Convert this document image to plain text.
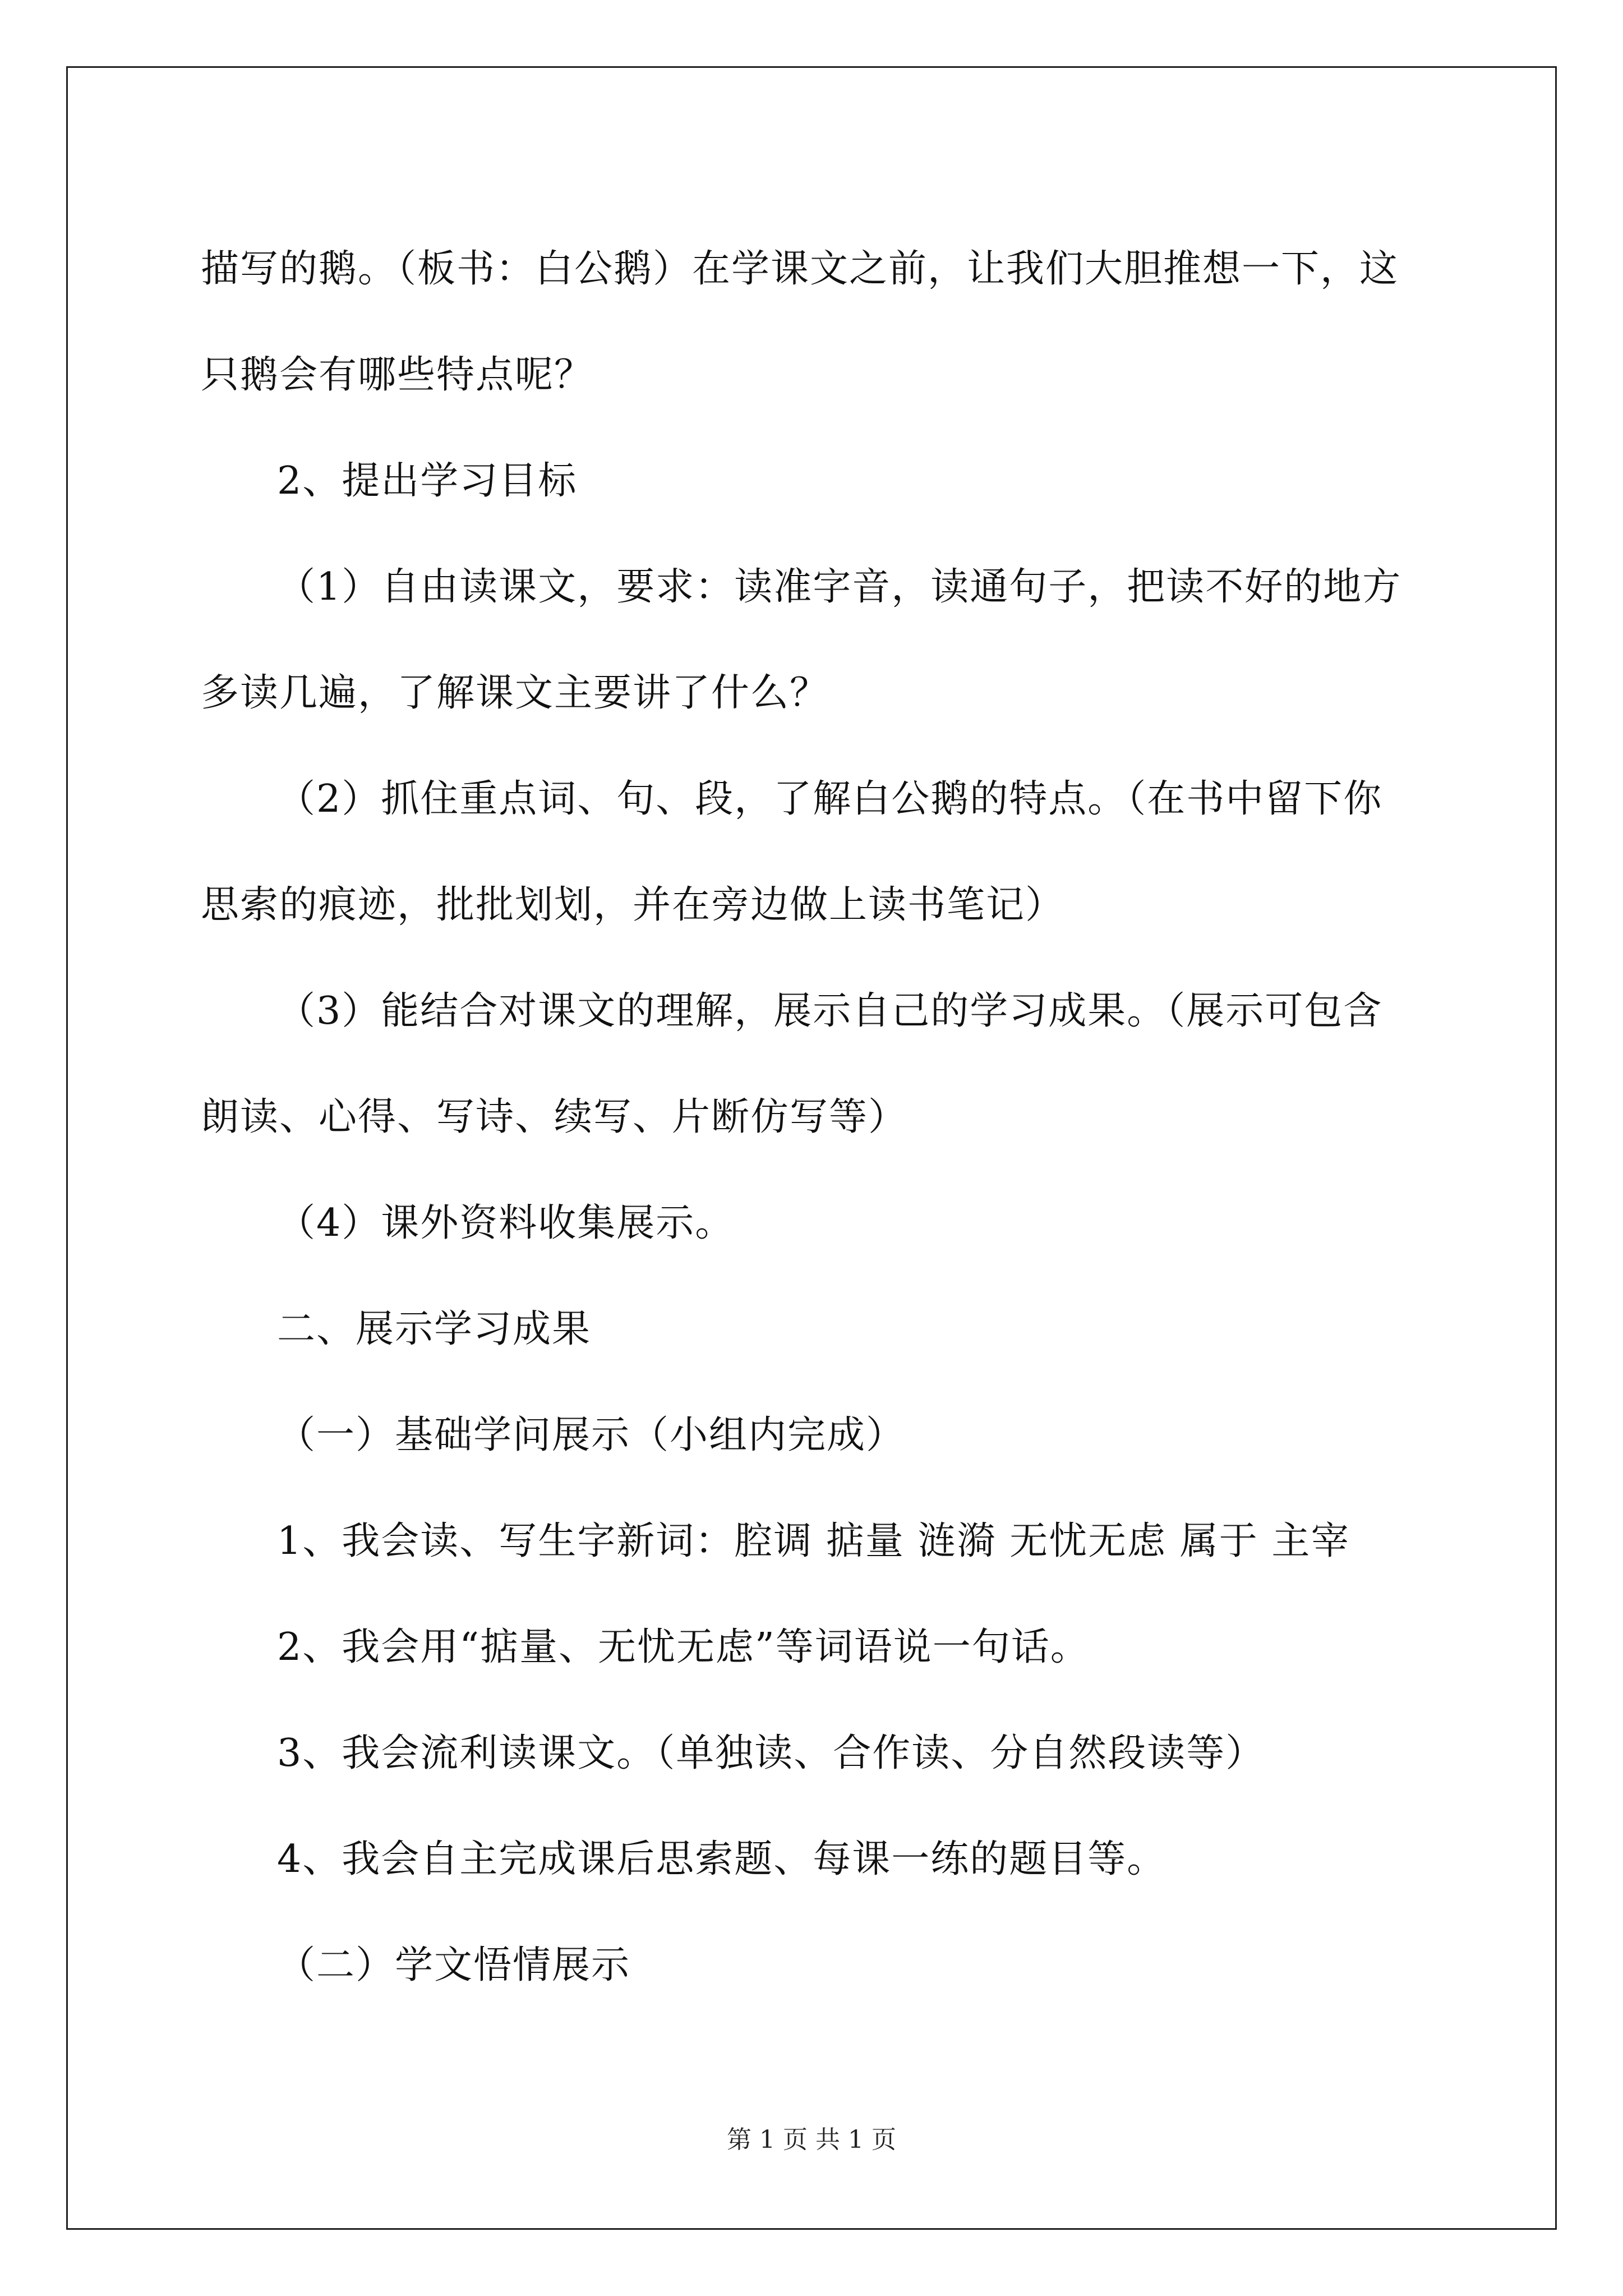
描写的鹅。（板书：白公鹅）在学课文之前，让我们大胆推想一下，这

只鹅会有哪些特点呢？

2、提出学习目标

（1）自由读课文，要求：读准字音，读通句子，把读不好的地方

多读几遍，了解课文主要讲了什么？

（2）抓住重点词、句、段，了解白公鹅的特点。（在书中留下你

思索的痕迹，批批划划，并在旁边做上读书笔记）

（3）能结合对课文的理解，展示自己的学习成果。（展示可包含

朗读、心得、写诗、续写、片断仿写等）

（4）课外资料收集展示。

二、展示学习成果

（一）基础学问展示（小组内完成）

1、我会读、写生字新词：腔调 掂量 涟漪 无忧无虑 属于 主宰

2、我会用“掂量、无忧无虑”等词语说一句话。

3、我会流利读课文。（单独读、合作读、分自然段读等）

4、我会自主完成课后思索题、每课一练的题目等。

（二）学文悟情展示

第 1 页 共 1 页
